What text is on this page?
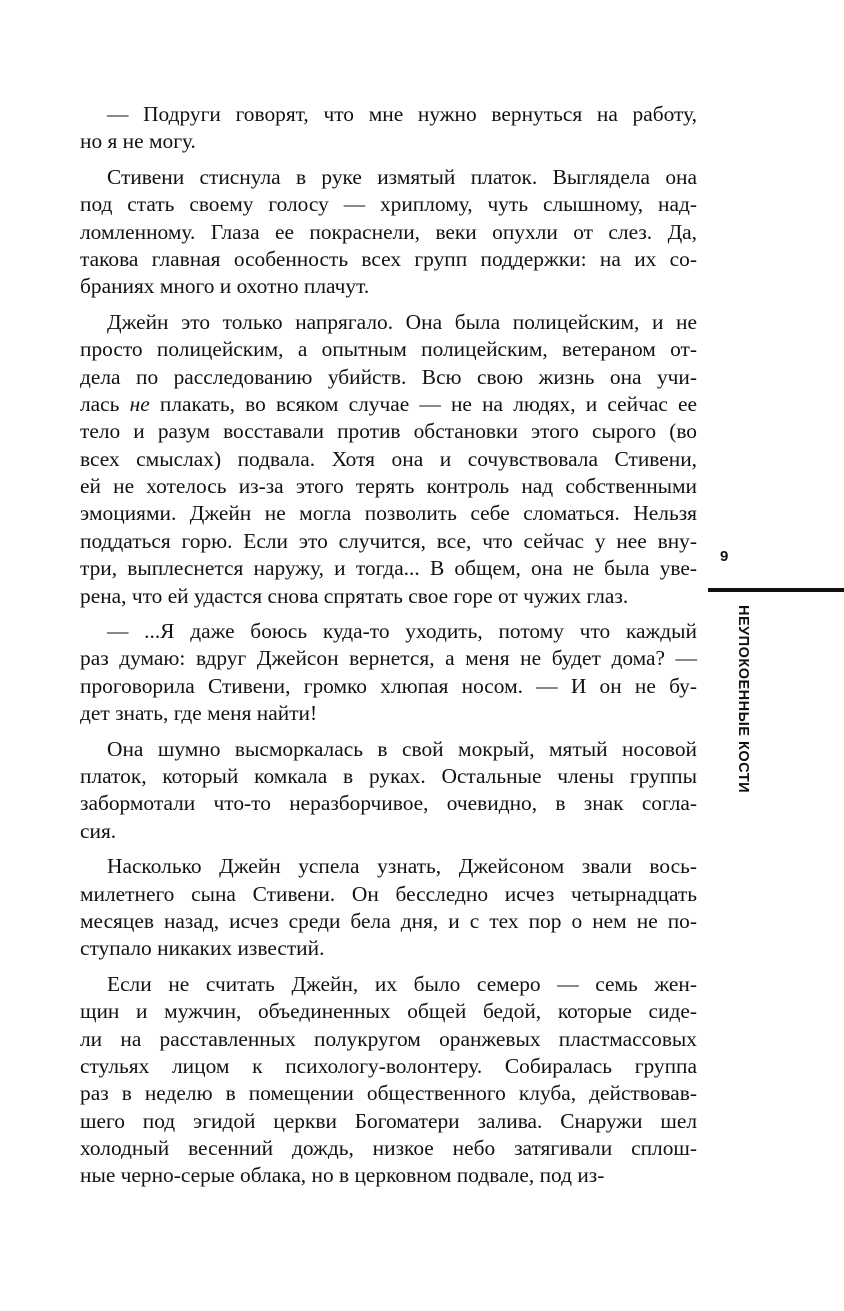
— Подруги говорят, что мне нужно вернуться на работу,
но я не могу.
Стивени стиснула в руке измятый платок. Выглядела она
под стать своему голосу — хриплому, чуть слышному, над-
ломленному. Глаза ее покраснели, веки опухли от слез. Да,
такова главная особенность всех групп поддержки: на их со-
браниях много и охотно плачут.
Джейн это только напрягало. Она была полицейским, и не
просто полицейским, а опытным полицейским, ветераном от-
дела по расследованию убийств. Всю свою жизнь она учи-
лась не плакать, во всяком случае — не на людях, и сейчас ее
тело и разум восставали против обстановки этого сырого (во
всех смыслах) подвала. Хотя она и сочувствовала Стивени,
ей не хотелось из-за этого терять контроль над собственными
эмоциями. Джейн не могла позволить себе сломаться. Нельзя
поддаться горю. Если это случится, все, что сейчас у нее вну-
три, выплеснется наружу, и тогда... В общем, она не была уве-
рена, что ей удастся снова спрятать свое горе от чужих глаз.
— ...Я даже боюсь куда-то уходить, потому что каждый
раз думаю: вдруг Джейсон вернется, а меня не будет дома? —
проговорила Стивени, громко хлюпая носом. — И он не бу-
дет знать, где меня найти!
Она шумно высморкалась в свой мокрый, мятый носовой
платок, который комкала в руках. Остальные члены группы
забормотали что-то неразборчивое, очевидно, в знак согла-
сия.
Насколько Джейн успела узнать, Джейсоном звали вось-
милетнего сына Стивени. Он бесследно исчез четырнадцать
месяцев назад, исчез среди бела дня, и с тех пор о нем не по-
ступало никаких известий.
Если не считать Джейн, их было семеро — семь жен-
щин и мужчин, объединенных общей бедой, которые сиде-
ли на расставленных полукругом оранжевых пластмассовых
стульях лицом к психологу-волонтеру. Собиралась группа
раз в неделю в помещении общественного клуба, действовав-
шего под эгидой церкви Богоматери залива. Снаружи шел
холодный весенний дождь, низкое небо затягивали сплош-
ные черно-серые облака, но в церковном подвале, под из-
9
НЕУПОКОЕННЫЕ КОСТИ
